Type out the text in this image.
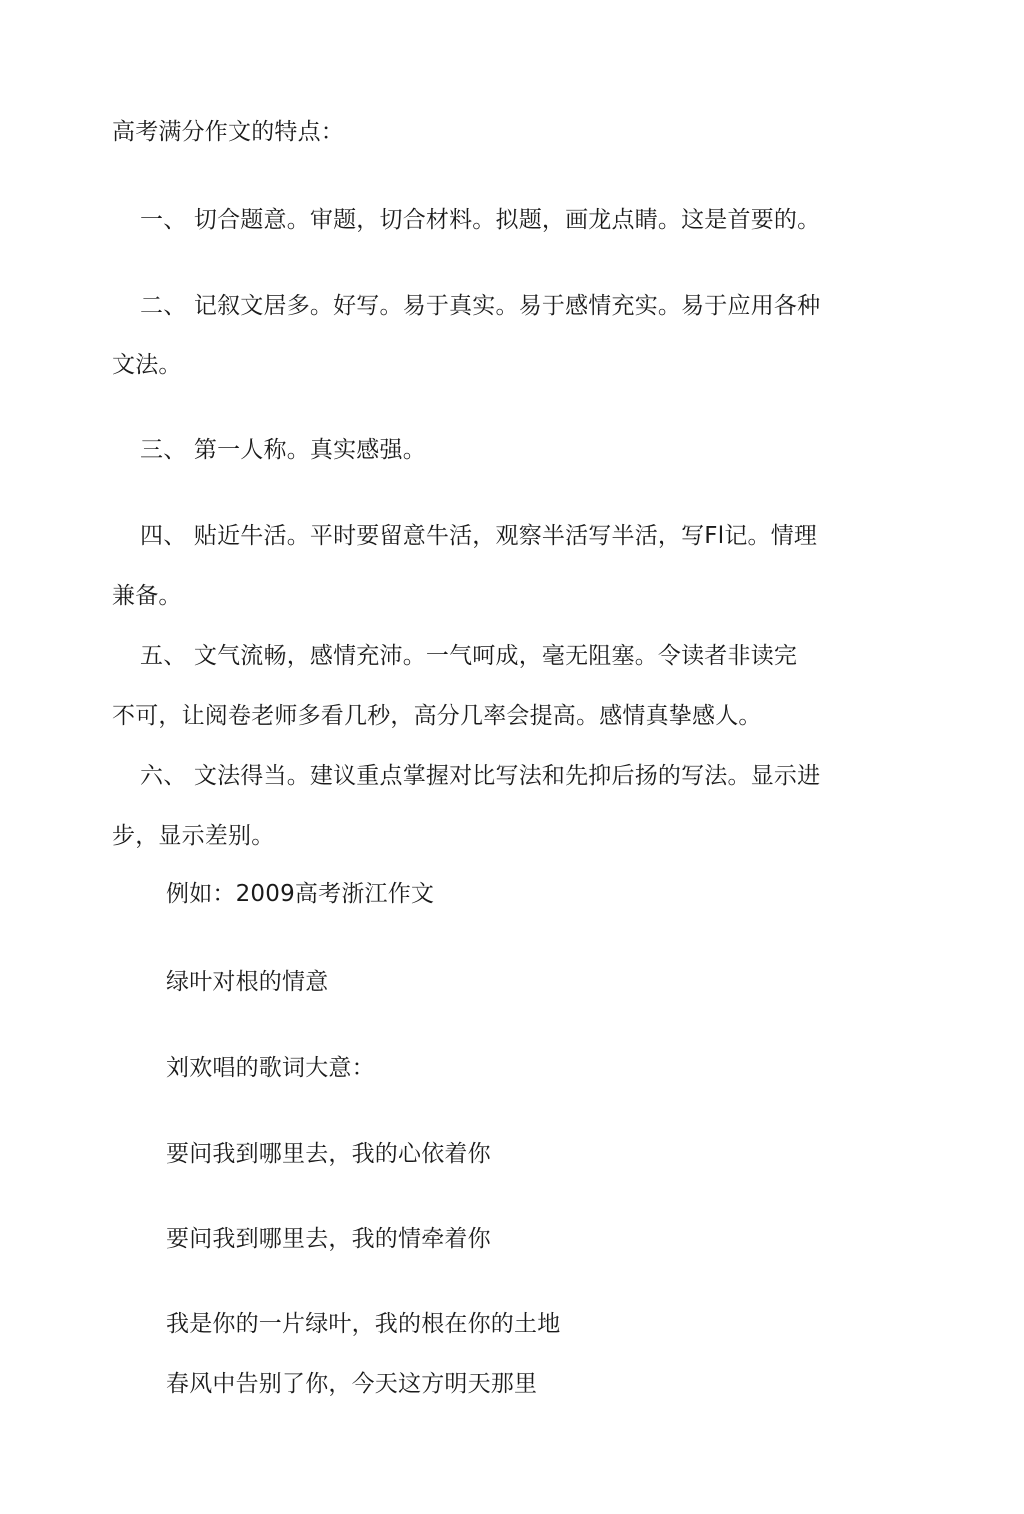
高考满分作文的特点：
一、 切合题意。审题，切合材料。拟题，画龙点睛。这是首要的。
二、 记叙文居多。好写。易于真实。易于感情充实。易于应用各种
文法。
三、 第一人称。真实感强。
四、 贴近牛活。平时要留意牛活，观察半活写半活，写Fl记。情理
兼备。
五、 文气流畅，感情充沛。一气呵成，毫无阻塞。令读者非读完
不可，让阅卷老师多看几秒，高分几率会提高。感情真挚感人。
六、 文法得当。建议重点掌握对比写法和先抑后扬的写法。显示进
步，显示差别。
例如：2009高考浙江作文
绿叶对根的情意
刘欢唱的歌词大意：
要问我到哪里去，我的心依着你
要问我到哪里去，我的情牵着你
我是你的一片绿叶，我的根在你的土地
春风中告别了你，今天这方明天那里
